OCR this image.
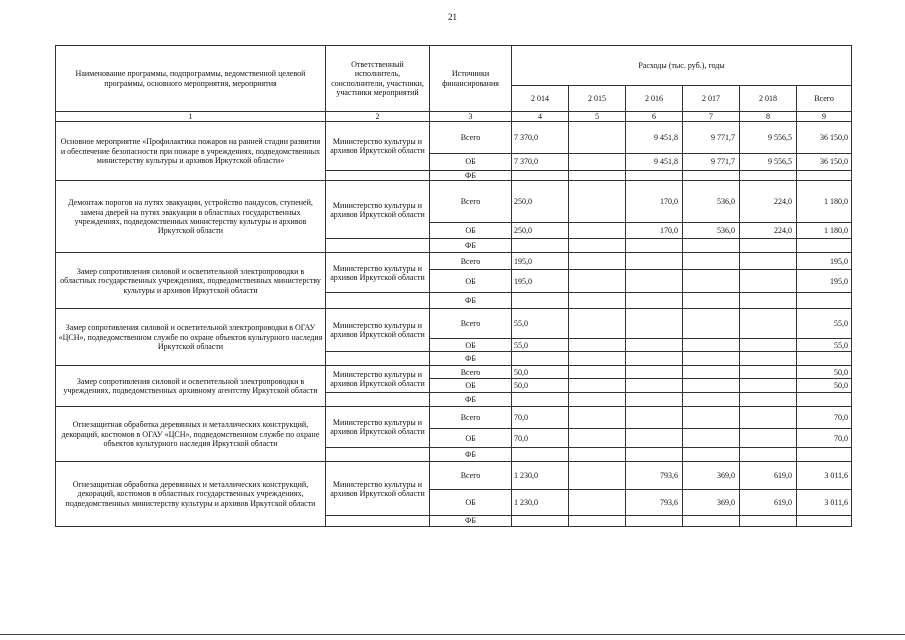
21
Наименование программы, подпрограммы, ведомственной целевой программы, основного мероприятия, мероприятия	Ответственный исполнитель, соисполнители, участники, участники мероприятий	Источники финансирования	Расходы (тыс. руб.), годы					
			2 014	2 015	2 016	2 017	2 018	Всего
1	2	3	4	5	6	7	8	9
Основное мероприятие «Профилактика пожаров на ранней стадии развития и обеспечение безопасности при пожаре в учреждениях, подведомственных министерству культуры и архивов Иркутской области»	Министерство культуры и архивов Иркутской области	Всего	7 370,0		9 451,8	9 771,7	9 556,5	36 150,0
		ОБ	7 370,0		9 451,8	9 771,7	9 556,5	36 150,0
		ФБ						
Демонтаж порогов на путях эвакуации, устройство пандусов, ступеней, замена дверей на путях эвакуации в областных государственных учреждениях, подведомственных министерству культуры и архивов Иркутской области	Министерство культуры и архивов Иркутской области	Всего	250,0		170,0	536,0	224,0	1 180,0
		ОБ	250,0		170,0	536,0	224,0	1 180,0
		ФБ						
Замер сопротивления силовой и осветительной электропроводки в областных государственных учреждениях, подведомственных министерству культуры и архивов Иркутской области	Министерство культуры и архивов Иркутской области	Всего	195,0					195,0
		ОБ	195,0					195,0
		ФБ						
Замер сопротивления силовой и осветительной электропроводки в ОГАУ «ЦСН», подведомственном службе по охране объектов культурного наследия Иркутской области	Министерство культуры и архивов Иркутской области	Всего	55,0					55,0
		ОБ	55,0					55,0
		ФБ						
Замер сопротивления силовой и осветительной электропроводки в учреждениях, подведомственных архивному агентству Иркутской области	Министерство культуры и архивов Иркутской области	Всего	50,0					50,0
		ОБ	50,0					50,0
		ФБ						
Огнезащитная обработка деревянных и металлических конструкций, декораций, костюмов в ОГАУ «ЦСН», подведомственном службе по охране объектов культурного наследия Иркутской области	Министерство культуры и архивов Иркутской области	Всего	70,0					70,0
		ОБ	70,0					70,0
		ФБ						
Огнезащитная обработка деревянных и металлических конструкций, декораций, костюмов в областных государственных учреждениях, подведомственных министерству культуры и архивов Иркутской области	Министерство культуры и архивов Иркутской области	Всего	1 230,0		793,6	369,0	619,0	3 011,6
		ОБ	1 230,0		793,6	369,0	619,0	3 011,6
		ФБ						
